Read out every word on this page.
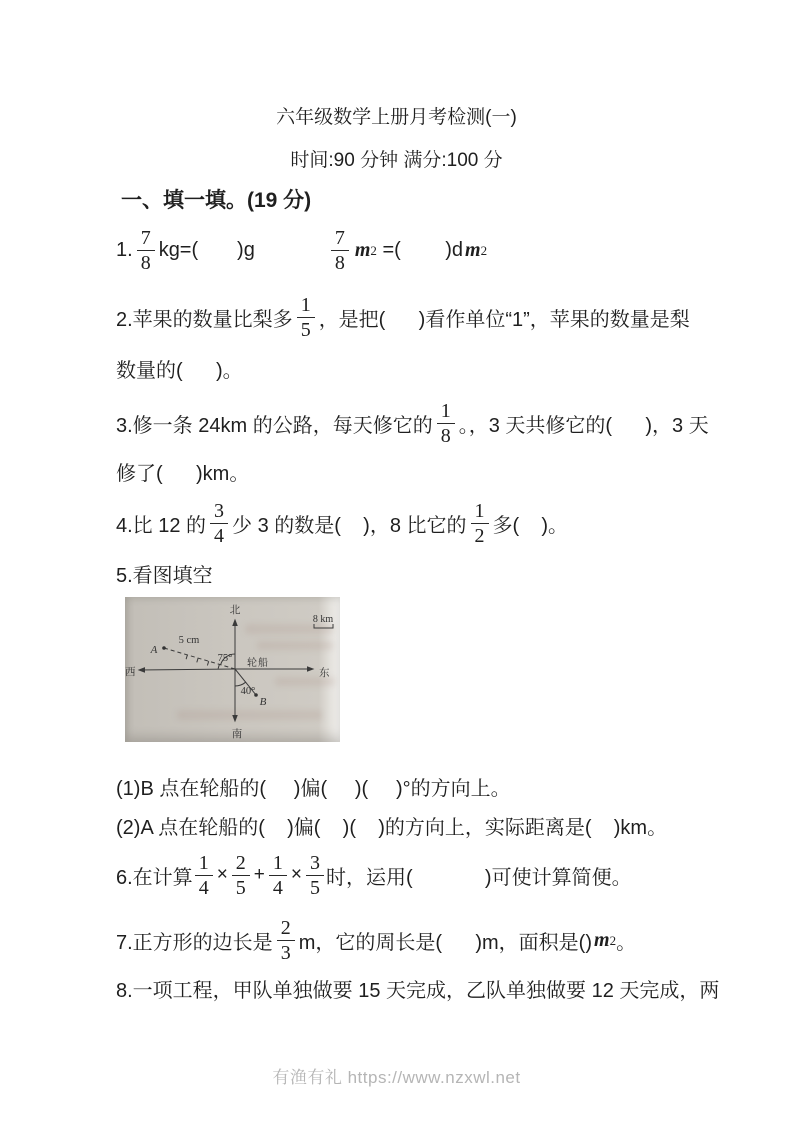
六年级数学上册月考检测(一)
时间:90 分钟 满分:100 分
一、填一填。(19 分)
1. $\frac{7}{8} kg=$(       )g	$\frac{7}{8}$ m 2 =(        )d m 2
2.苹果的数量比梨多 $\frac{1}{5}$ ，是把(      )看作单位“1”，苹果的数量是梨
数量的(      )。
3.修一条 24km 的公路，每天修它的 $\frac{1}{8}$ 。，3 天共修它的(      )，3 天
修了(      )km。
4.比 12 的 $\frac{3}{4}$ 少 3 的数是(    )，8 比它的 $\frac{1}{2}$ 多(    )。
5.看图填空
北
南
西	东
8 km
A
5 cm
75° 轮船
40°
B
(1)B 点在轮船的(     )偏(     )(     )°的方向上。
(2)A 点在轮船的(    )偏(    )(    )的方向上，实际距离是(    )km。
6.在计算 $\frac{1}{4} \times \frac{2}{5} + \frac{1}{4} \times \frac{3}{5}$ 时，运用(             )可使计算简便。
7.正方形的边长是 $\frac{2}{3}$ m，它的周长是(      )m，面积是() m 2 。
8.一项工程，甲队单独做要 15 天完成，乙队单独做要 12 天完成，两
有渔有礼 https://www.nzxwl.net
